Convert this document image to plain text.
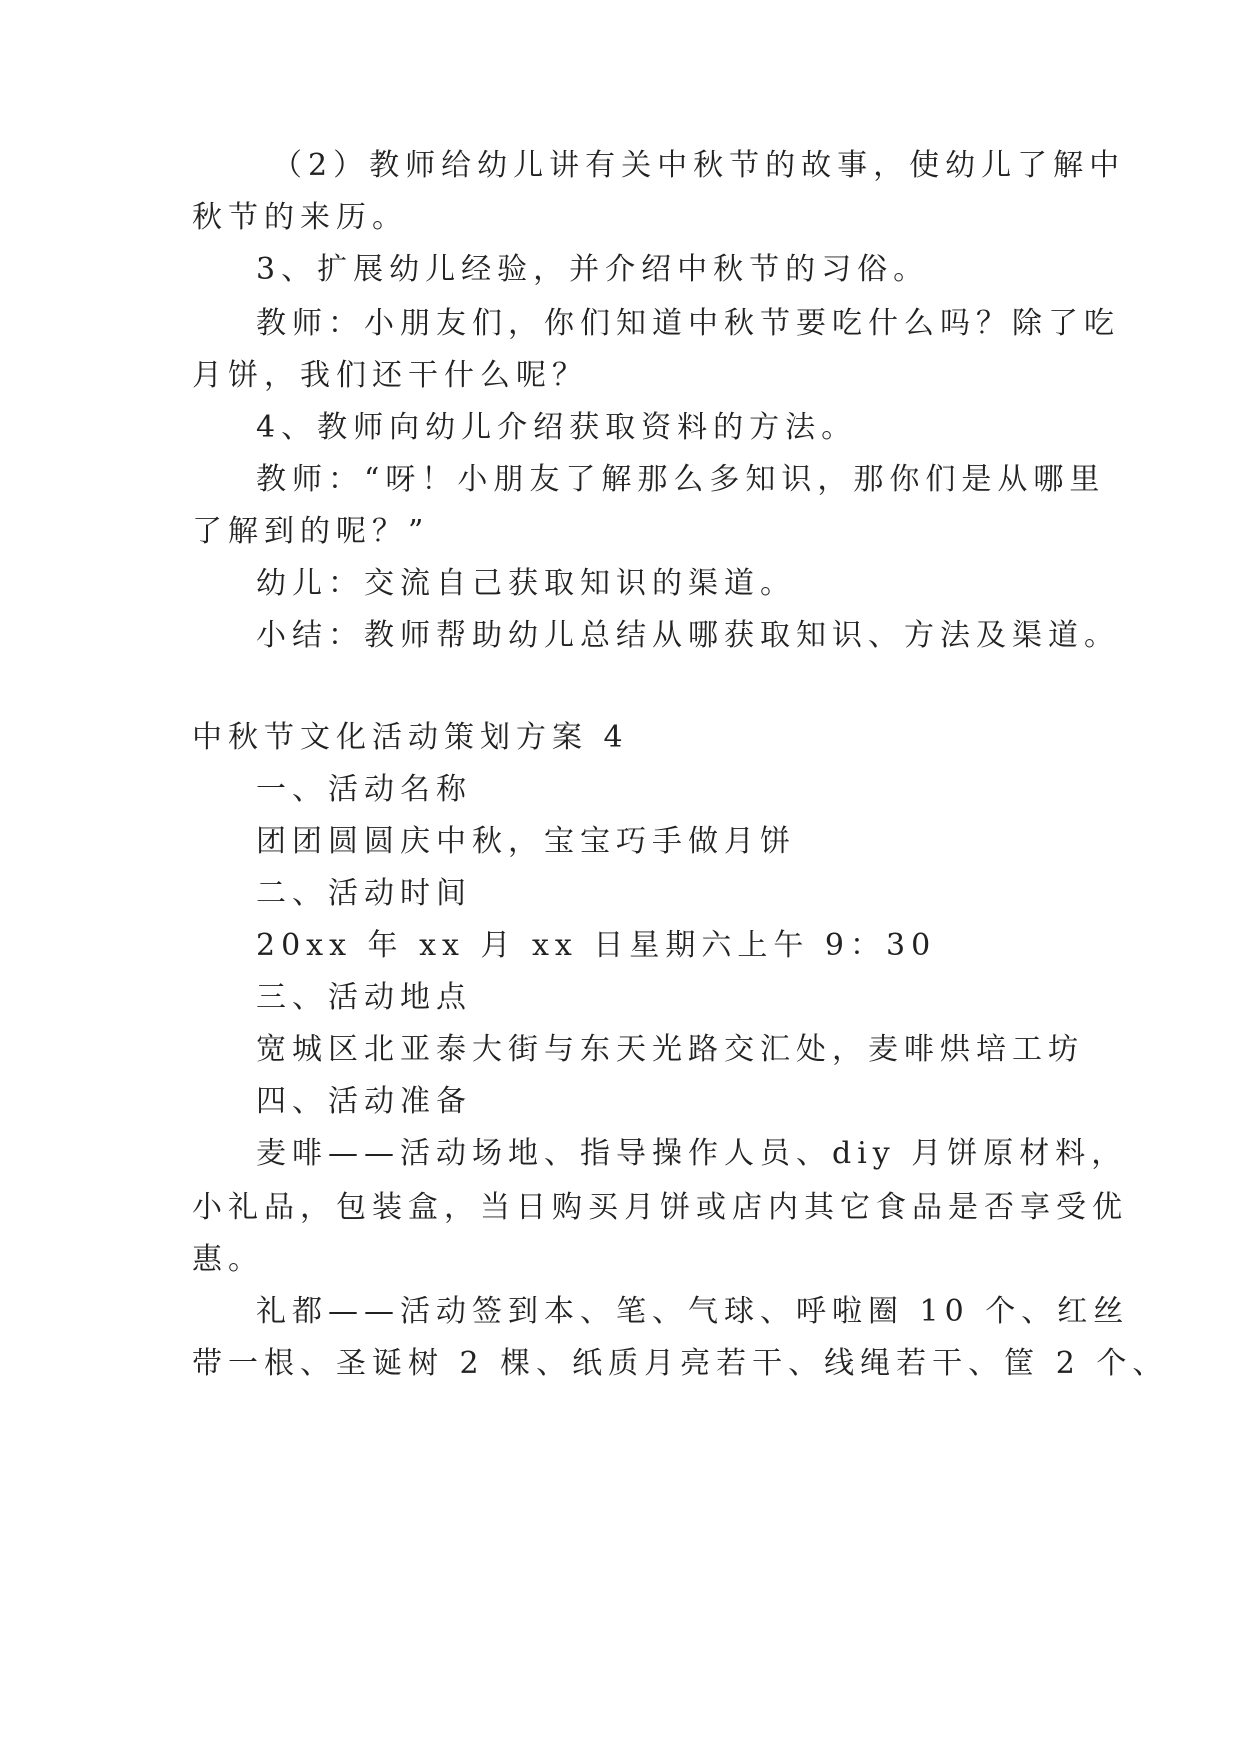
（2）教师给幼儿讲有关中秋节的故事，使幼儿了解中
秋节的来历。
3、扩展幼儿经验，并介绍中秋节的习俗。
教师：小朋友们，你们知道中秋节要吃什么吗？除了吃
月饼，我们还干什么呢？
4、教师向幼儿介绍获取资料的方法。
教师：“呀！小朋友了解那么多知识，那你们是从哪里
了解到的呢？”
幼儿：交流自己获取知识的渠道。
小结：教师帮助幼儿总结从哪获取知识、方法及渠道。
中秋节文化活动策划方案 4
一、活动名称
团团圆圆庆中秋，宝宝巧手做月饼
二、活动时间
20xx 年 xx 月 xx 日星期六上午 9：30
三、活动地点
宽城区北亚泰大街与东天光路交汇处，麦啡烘培工坊
四、活动准备
麦啡——活动场地、指导操作人员、diy 月饼原材料，
小礼品，包装盒，当日购买月饼或店内其它食品是否享受优
惠。
礼都——活动签到本、笔、气球、呼啦圈 10 个、红丝
带一根、圣诞树 2 棵、纸质月亮若干、线绳若干、筐 2 个、
